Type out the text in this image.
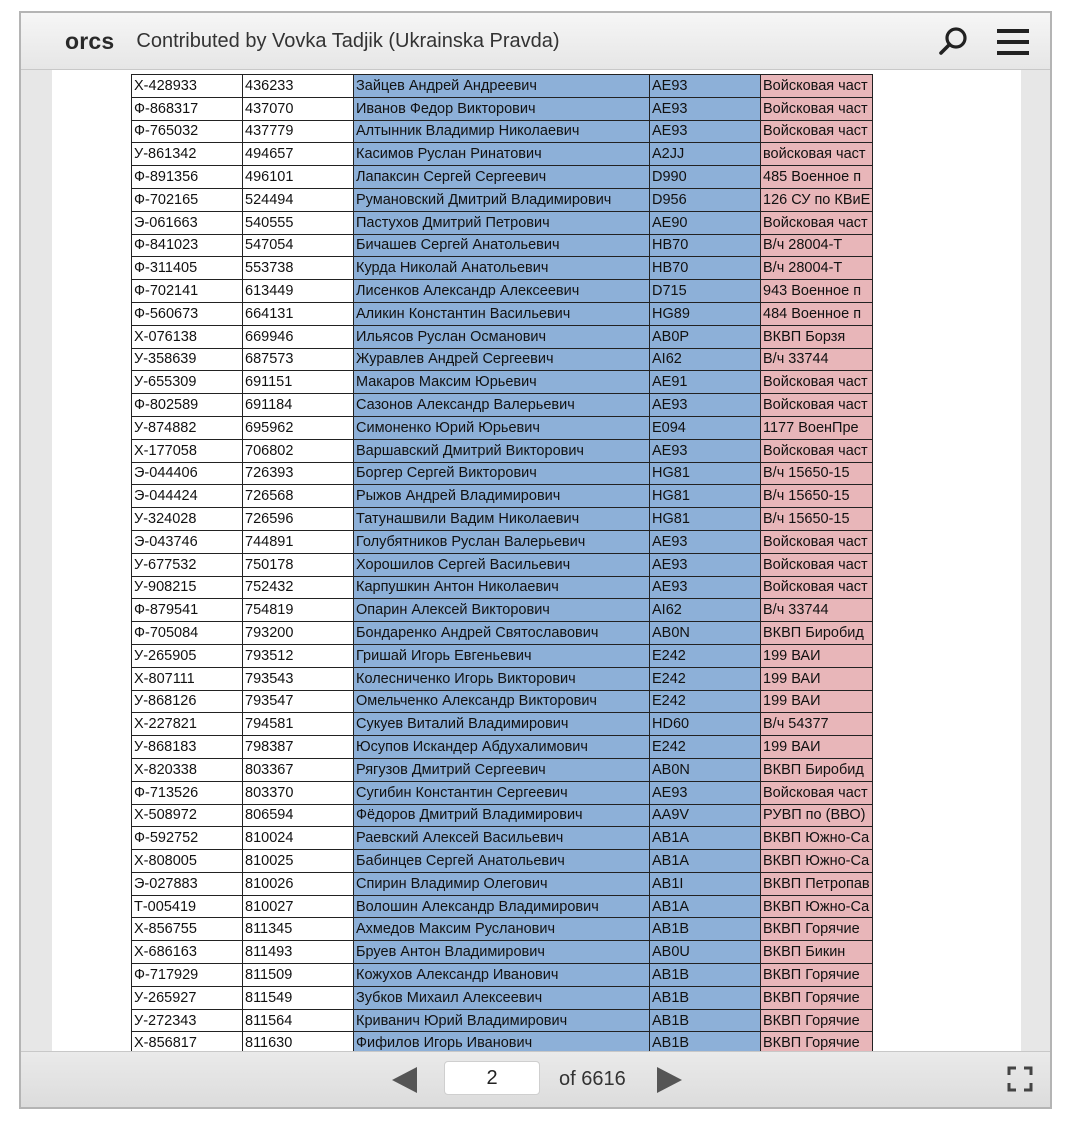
orcs Contributed by Vovka Tadjik (Ukrainska Pravda)
Х-428933	436233	Зайцев Андрей Андреевич	AE93	Войсковая част
Ф-868317	437070	Иванов Федор Викторович	AE93	Войсковая част
Ф-765032	437779	Алтынник Владимир Николаевич	AE93	Войсковая част
У-861342	494657	Касимов Руслан Ринатович	A2JJ	войсковая част
Ф-891356	496101	Лапаксин Сергей Сергеевич	D990	485 Военное п
Ф-702165	524494	Румановский Дмитрий Владимирович	D956	126 СУ по КВиЕ
Э-061663	540555	Пастухов Дмитрий Петрович	AE90	Войсковая част
Ф-841023	547054	Бичашев Сергей Анатольевич	HB70	В/ч 28004-Т
Ф-311405	553738	Курда Николай Анатольевич	HB70	В/ч 28004-Т
Ф-702141	613449	Лисенков Александр Алексеевич	D715	943 Военное п
Ф-560673	664131	Аликин Константин Васильевич	HG89	484 Военное п
Х-076138	669946	Ильясов Руслан Османович	AB0P	ВКВП Борзя
У-358639	687573	Журавлев Андрей Сергеевич	AI62	В/ч 33744
У-655309	691151	Макаров Максим Юрьевич	AE91	Войсковая част
Ф-802589	691184	Сазонов Александр Валерьевич	AE93	Войсковая част
У-874882	695962	Симоненко Юрий Юрьевич	E094	1177 ВоенПре
Х-177058	706802	Варшавский Дмитрий Викторович	AE93	Войсковая част
Э-044406	726393	Боргер Сергей Викторович	HG81	В/ч 15650-15
Э-044424	726568	Рыжов Андрей Владимирович	HG81	В/ч 15650-15
У-324028	726596	Татунашвили Вадим Николаевич	HG81	В/ч 15650-15
Э-043746	744891	Голубятников Руслан Валерьевич	AE93	Войсковая част
У-677532	750178	Хорошилов Сергей Васильевич	AE93	Войсковая част
У-908215	752432	Карпушкин Антон Николаевич	AE93	Войсковая част
Ф-879541	754819	Опарин Алексей Викторович	AI62	В/ч 33744
Ф-705084	793200	Бондаренко Андрей Святославович	AB0N	ВКВП Биробид
У-265905	793512	Гришай Игорь Евгеньевич	E242	199 ВАИ
Х-807111	793543	Колесниченко Игорь Викторович	E242	199 ВАИ
У-868126	793547	Омельченко Александр Викторович	E242	199 ВАИ
Х-227821	794581	Сукуев Виталий Владимирович	HD60	В/ч 54377
У-868183	798387	Юсупов Искандер Абдухалимович	E242	199 ВАИ
Х-820338	803367	Рягузов Дмитрий Сергеевич	AB0N	ВКВП Биробид
Ф-713526	803370	Сугибин Константин Сергеевич	AE93	Войсковая част
Х-508972	806594	Фёдоров Дмитрий Владимирович	AA9V	РУВП по (ВВО)
Ф-592752	810024	Раевский Алексей Васильевич	AB1A	ВКВП Южно-Са
Х-808005	810025	Бабинцев Сергей Анатольевич	AB1A	ВКВП Южно-Са
Э-027883	810026	Спирин Владимир Олегович	AB1I	ВКВП Петропав
Т-005419	810027	Волошин Александр Владимирович	AB1A	ВКВП Южно-Са
Х-856755	811345	Ахмедов Максим Русланович	AB1B	ВКВП Горячие
Х-686163	811493	Бруев Антон Владимирович	AB0U	ВКВП Бикин
Ф-717929	811509	Кожухов Александр Иванович	AB1B	ВКВП Горячие
У-265927	811549	Зубков Михаил Алексеевич	AB1B	ВКВП Горячие
У-272343	811564	Криванич Юрий Владимирович	AB1B	ВКВП Горячие
Х-856817	811630	Фифилов Игорь Иванович	AB1B	ВКВП Горячие
2
of 6616
